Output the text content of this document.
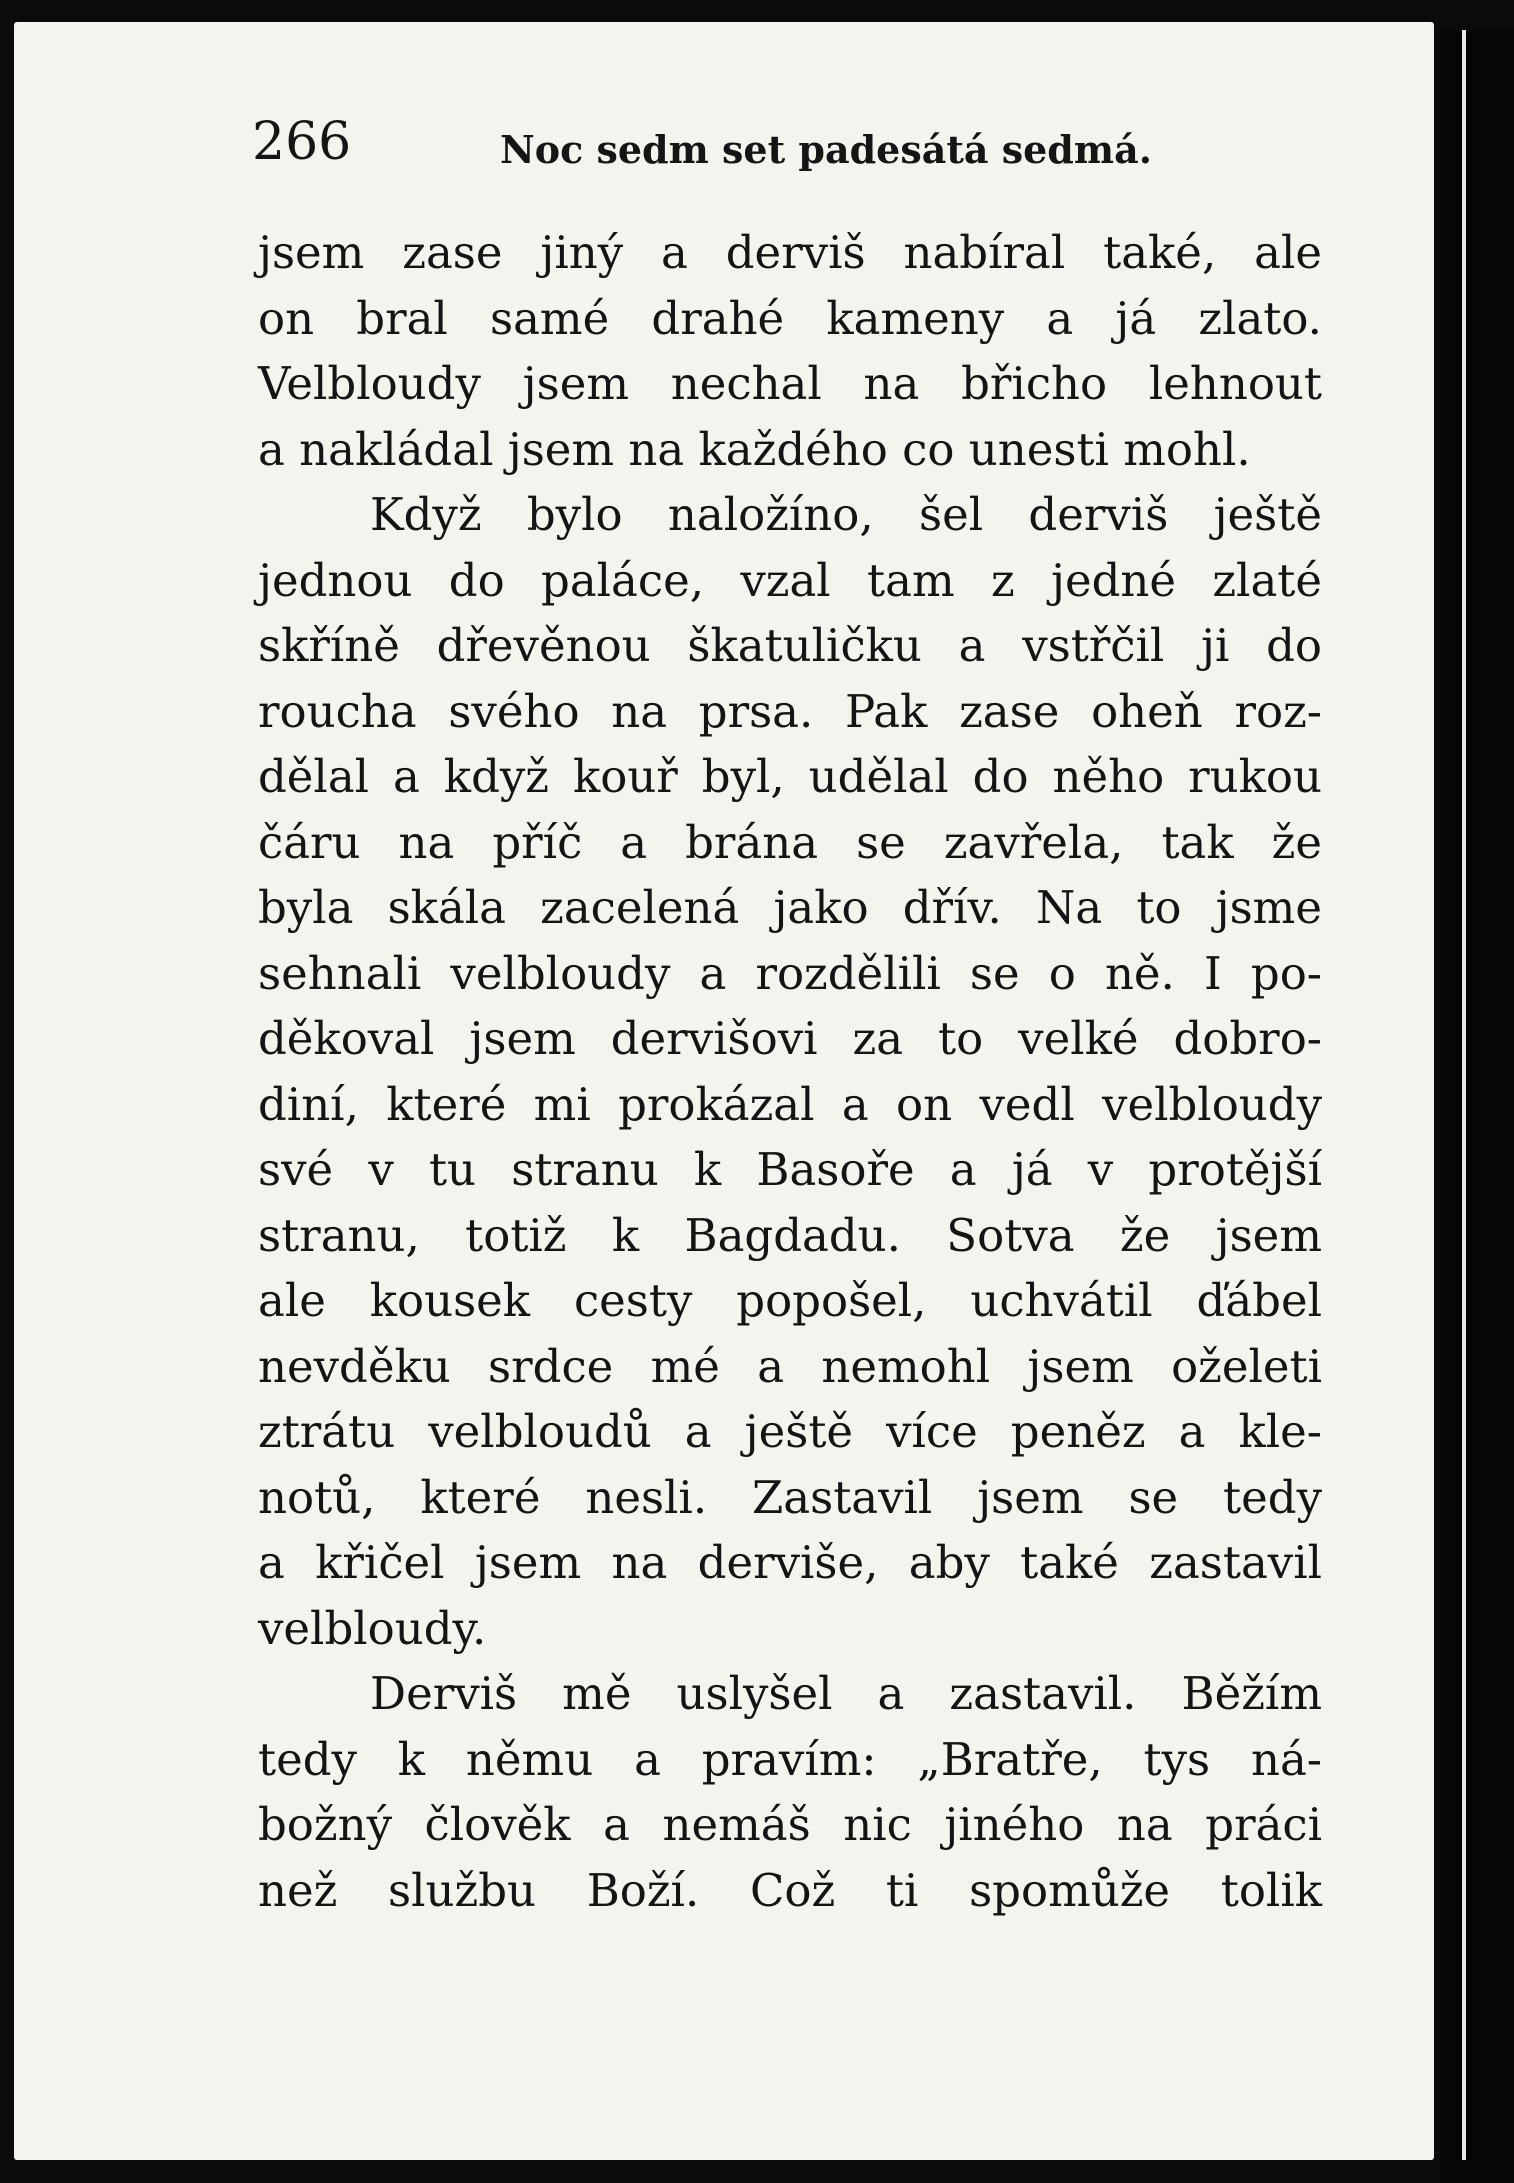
266	Noc sedm set padesátá sedmá.
jsem zase jiný a derviš nabíral také, ale
on bral samé drahé kameny a já zlato.
Velbloudy jsem nechal na břicho lehnout
a nakládal jsem na každého co unesti mohl.
Když bylo naložíno, šel derviš ještě
jednou do paláce, vzal tam z jedné zlaté
skříně dřevěnou škatuličku a vstřčil ji do
roucha svého na prsa. Pak zase oheň roz-
dělal a když kouř byl, udělal do něho rukou
čáru na příč a brána se zavřela, tak že
byla skála zacelená jako dřív. Na to jsme
sehnali velbloudy a rozdělili se o ně. I po-
děkoval jsem dervišovi za to velké dobro-
diní, které mi prokázal a on vedl velbloudy
své v tu stranu k Basoře a já v protější
stranu, totiž k Bagdadu. Sotva že jsem
ale kousek cesty popošel, uchvátil ďábel
nevděku srdce mé a nemohl jsem oželeti
ztrátu velbloudů a ještě více peněz a kle-
notů, které nesli. Zastavil jsem se tedy
a křičel jsem na derviše, aby také zastavil
velbloudy.
Derviš mě uslyšel a zastavil. Běžím
tedy k němu a pravím: „Bratře, tys ná-
božný člověk a nemáš nic jiného na práci
než službu Boží. Což ti spomůže tolik
